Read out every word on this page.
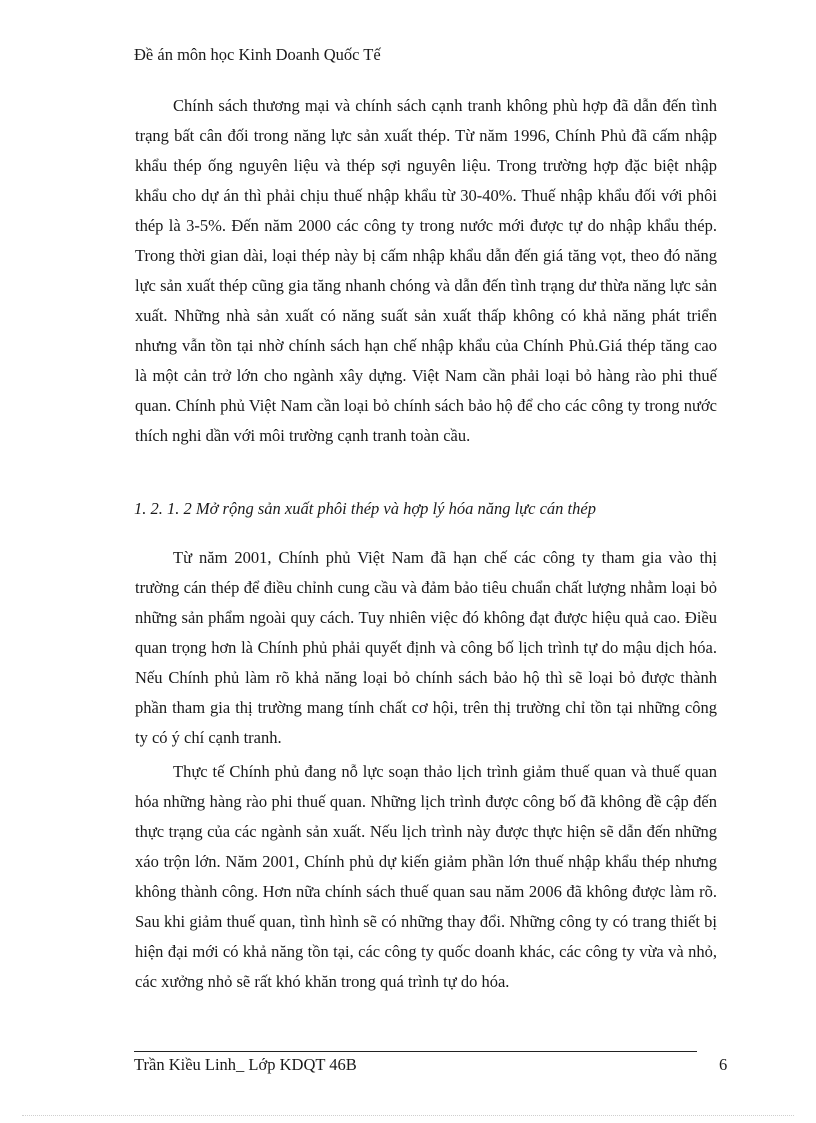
Đề án môn học Kinh Doanh Quốc Tế

Chính sách thương mại và chính sách cạnh tranh không phù hợp đã dẫn đến tình trạng bất cân đối trong năng lực sản xuất thép. Từ năm 1996, Chính Phủ đã cấm nhập khẩu thép ống nguyên liệu và thép sợi nguyên liệu. Trong trường hợp đặc biệt nhập khẩu cho dự án thì phải chịu thuế nhập khẩu từ 30-40%. Thuế nhập khẩu đối với phôi thép là 3-5%. Đến năm 2000 các công ty trong nước mới được tự do nhập khẩu thép. Trong thời gian dài, loại thép này bị cấm nhập khẩu dẫn đến giá tăng vọt, theo đó năng lực sản xuất thép cũng gia tăng nhanh chóng và dẫn đến tình trạng dư thừa năng lực sản xuất. Những nhà sản xuất có năng suất sản xuất thấp không có khả năng phát triển nhưng vẫn tồn tại nhờ chính sách hạn chế nhập khẩu của Chính Phủ.Giá thép tăng cao là một cản trở lớn cho ngành xây dựng. Việt Nam cần phải loại bỏ hàng rào phi thuế quan. Chính phủ Việt Nam cần loại bỏ chính sách bảo hộ để cho các công ty trong nước thích nghi dần với môi trường cạnh tranh toàn cầu.

1. 2. 1. 2 Mở rộng sản xuất phôi thép và hợp lý hóa năng lực cán thép

Từ năm 2001, Chính phủ Việt Nam đã hạn chế các công ty tham gia vào thị trường cán thép để điều chỉnh cung cầu và đảm bảo tiêu chuẩn chất lượng nhằm loại bỏ những sản phẩm ngoài quy cách. Tuy nhiên việc đó không đạt được hiệu quả cao. Điều quan trọng hơn là Chính phủ phải quyết định và công bố lịch trình tự do mậu dịch hóa. Nếu Chính phủ làm rõ khả năng loại bỏ chính sách bảo hộ thì sẽ loại bỏ được thành phần tham gia thị trường mang tính chất cơ hội, trên thị trường chỉ tồn tại những công ty có ý chí cạnh tranh.

Thực tế Chính phủ đang nỗ lực soạn thảo lịch trình giảm thuế quan và thuế quan hóa những hàng rào phi thuế quan. Những lịch trình được công bố đã không đề cập đến thực trạng của các ngành sản xuất. Nếu lịch trình này được thực hiện sẽ dẫn đến những xáo trộn lớn. Năm 2001, Chính phủ dự kiến giảm phần lớn thuế nhập khẩu thép nhưng không thành công. Hơn nữa chính sách thuế quan sau năm 2006 đã không được làm rõ. Sau khi giảm thuế quan, tình hình sẽ có những thay đổi. Những công ty có trang thiết bị hiện đại mới có khả năng tồn tại, các công ty quốc doanh khác, các công ty vừa và nhỏ, các xưởng nhỏ sẽ rất khó khăn trong quá trình tự do hóa.

Trần Kiều Linh_ Lớp KDQT 46B	6
